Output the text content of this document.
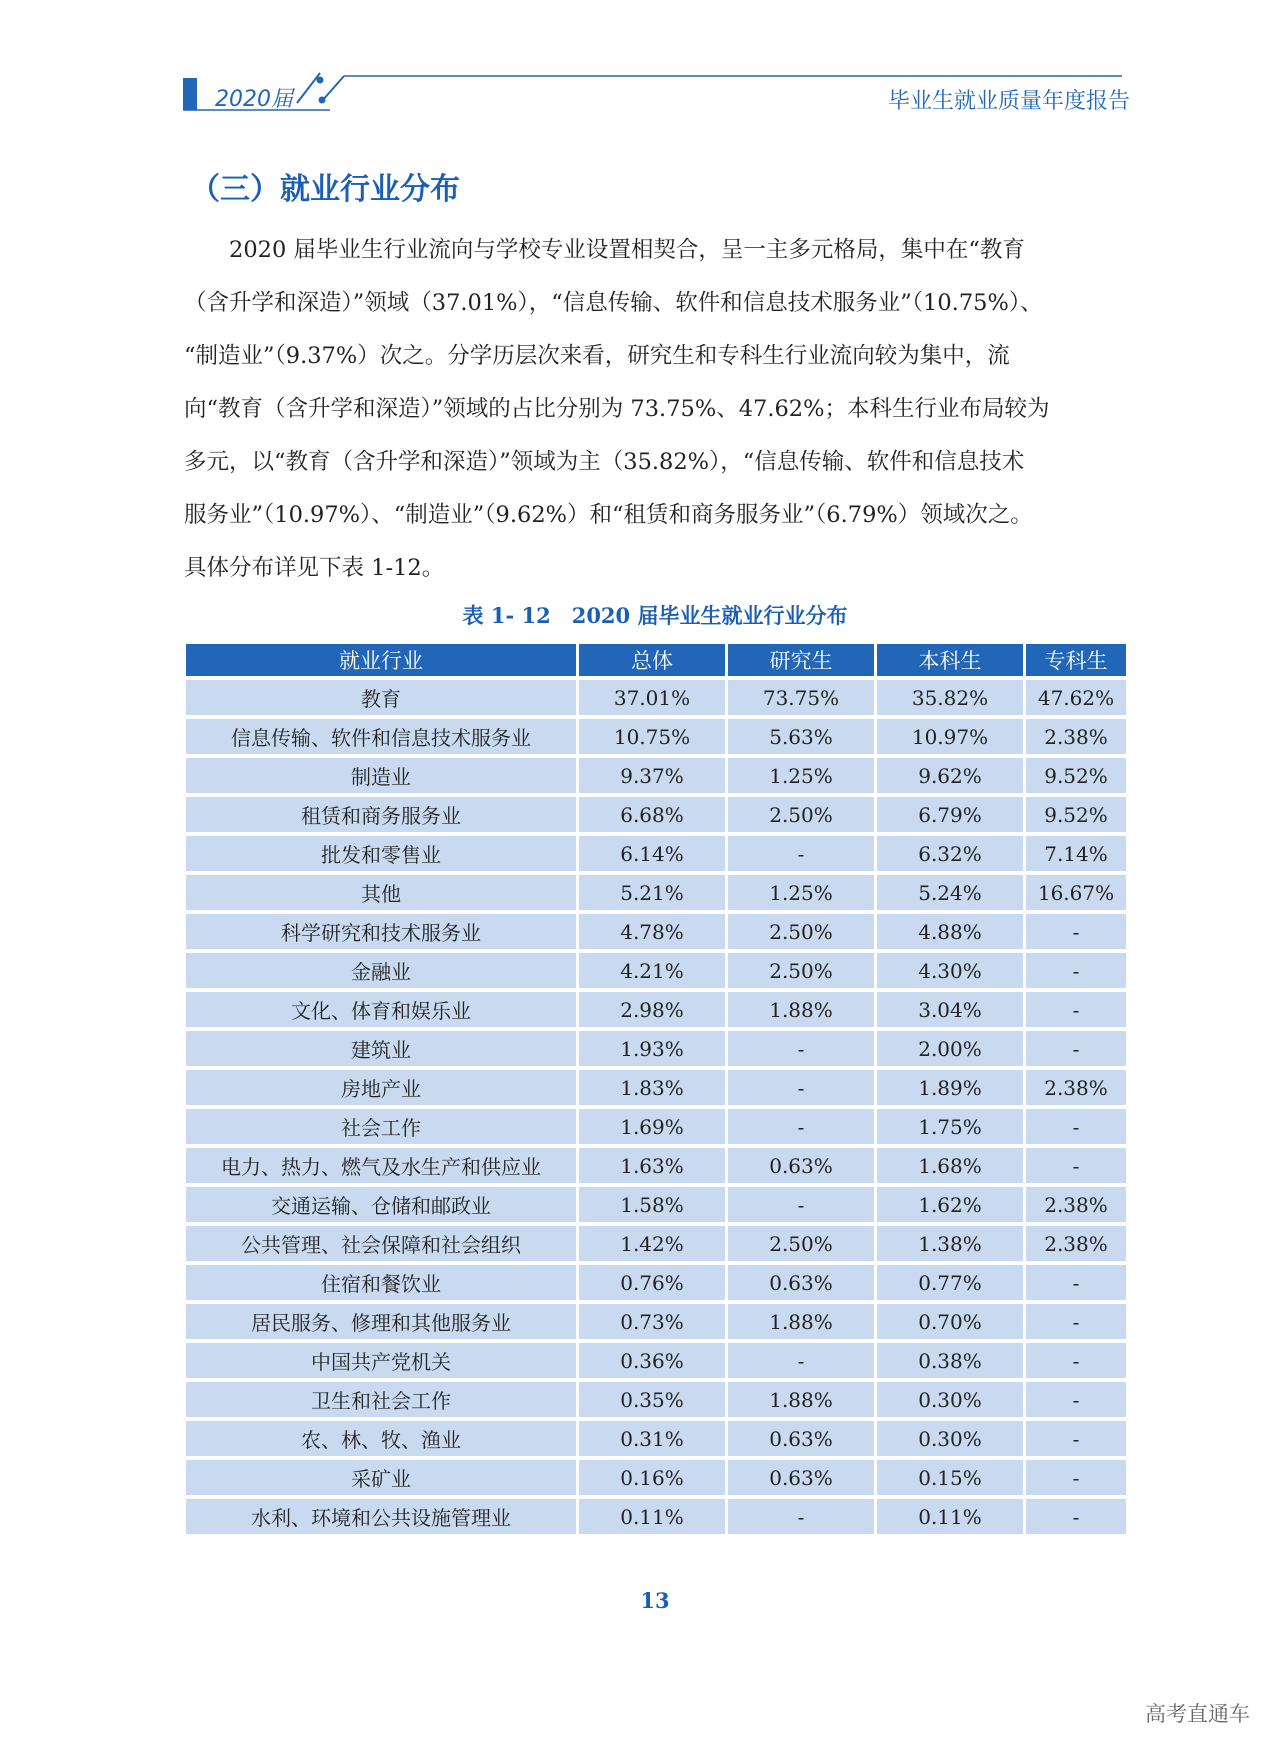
2020届	毕业生就业质量年度报告
（三）就业行业分布
　　2020 届毕业生行业流向与学校专业设置相契合，呈一主多元格局，集中在“教育
（含升学和深造）”领域（37.01%），“信息传输、软件和信息技术服务业”（10.75%）、
“制造业”（9.37%）次之。分学历层次来看，研究生和专科生行业流向较为集中，流
向“教育（含升学和深造）”领域的占比分别为 73.75%、47.62%；本科生行业布局较为
多元，以“教育（含升学和深造）”领域为主（35.82%），“信息传输、软件和信息技术
服务业”（10.97%）、“制造业”（9.62%）和“租赁和商务服务业”（6.79%）领域次之。
具体分布详见下表 1-12。
表 1- 12　2020 届毕业生就业行业分布
就业行业	总体	研究生	本科生	专科生
教育	37.01%	73.75%	35.82%	47.62%
信息传输、软件和信息技术服务业	10.75%	5.63%	10.97%	2.38%
制造业	9.37%	1.25%	9.62%	9.52%
租赁和商务服务业	6.68%	2.50%	6.79%	9.52%
批发和零售业	6.14%	-	6.32%	7.14%
其他	5.21%	1.25%	5.24%	16.67%
科学研究和技术服务业	4.78%	2.50%	4.88%	-
金融业	4.21%	2.50%	4.30%	-
文化、体育和娱乐业	2.98%	1.88%	3.04%	-
建筑业	1.93%	-	2.00%	-
房地产业	1.83%	-	1.89%	2.38%
社会工作	1.69%	-	1.75%	-
电力、热力、燃气及水生产和供应业	1.63%	0.63%	1.68%	-
交通运输、仓储和邮政业	1.58%	-	1.62%	2.38%
公共管理、社会保障和社会组织	1.42%	2.50%	1.38%	2.38%
住宿和餐饮业	0.76%	0.63%	0.77%	-
居民服务、修理和其他服务业	0.73%	1.88%	0.70%	-
中国共产党机关	0.36%	-	0.38%	-
卫生和社会工作	0.35%	1.88%	0.30%	-
农、林、牧、渔业	0.31%	0.63%	0.30%	-
采矿业	0.16%	0.63%	0.15%	-
水利、环境和公共设施管理业	0.11%	-	0.11%	-
13
高考直通车
